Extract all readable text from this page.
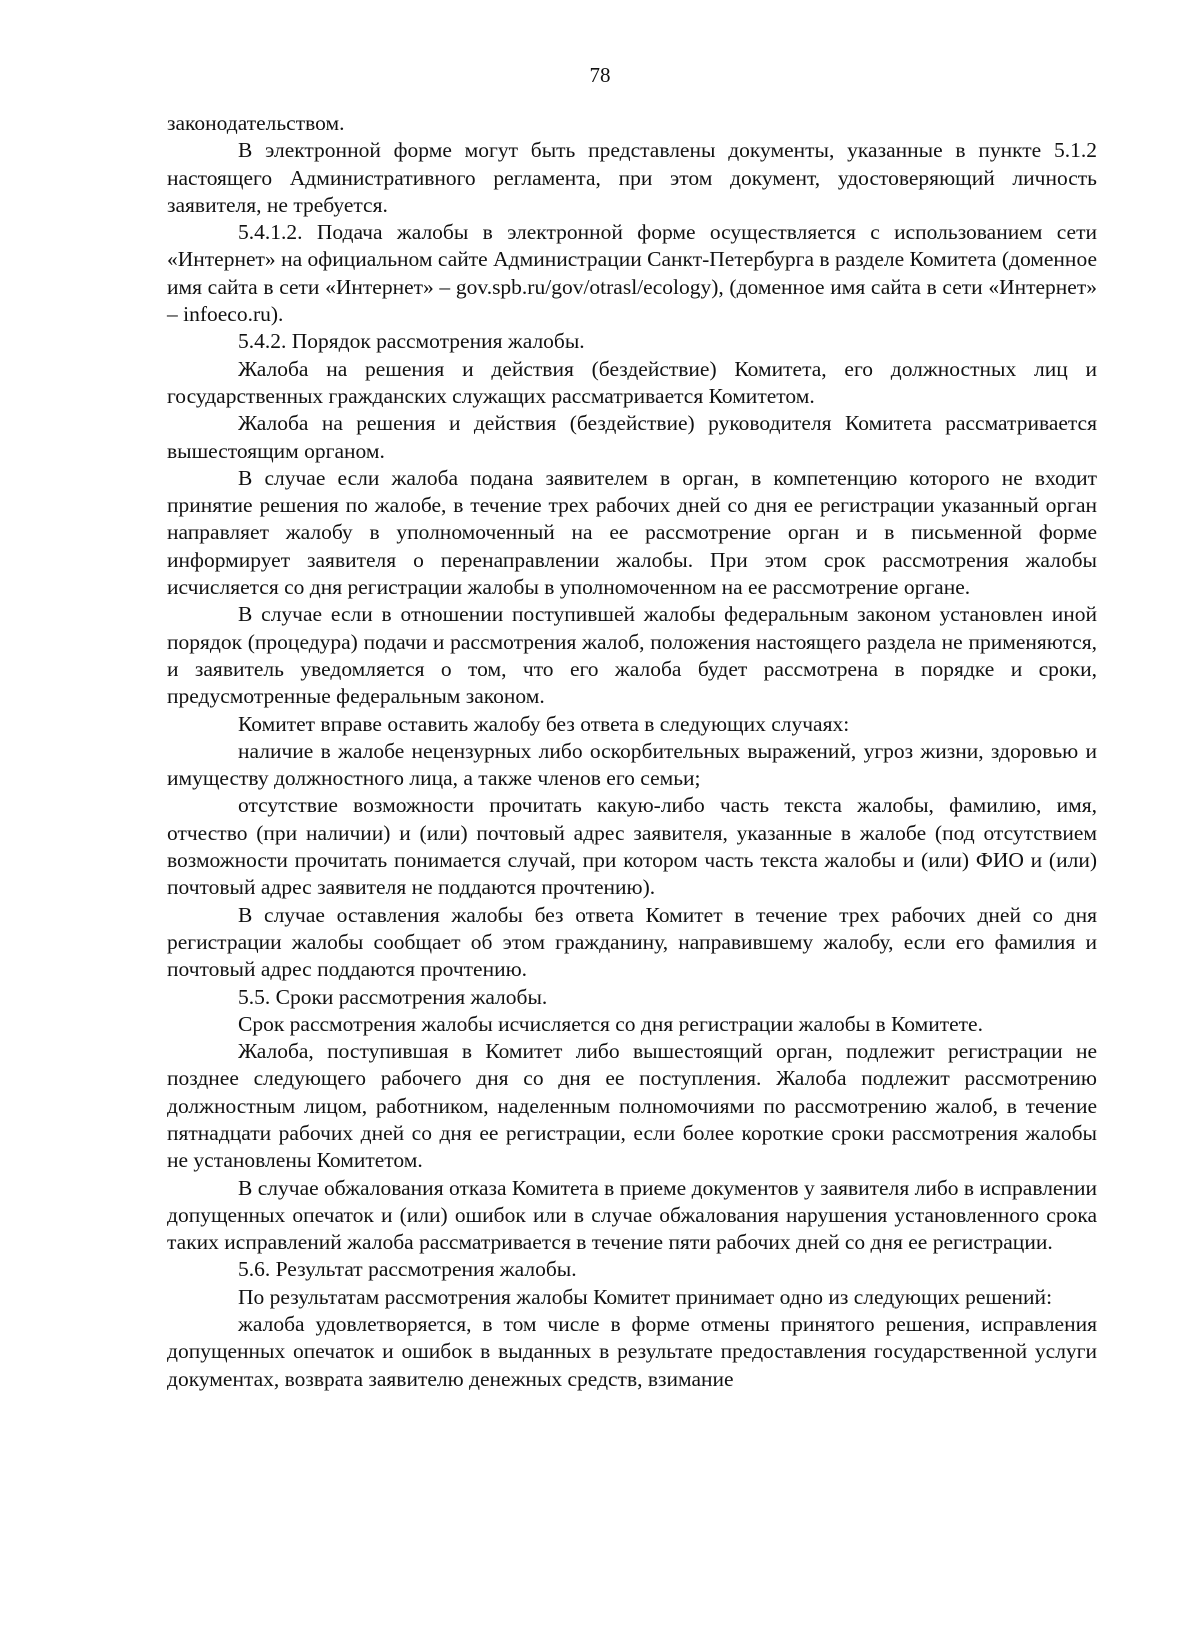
78

законодательством.

В электронной форме могут быть представлены документы, указанные в пункте 5.1.2 настоящего Административного регламента, при этом документ, удостоверяющий личность заявителя, не требуется.

5.4.1.2. Подача жалобы в электронной форме осуществляется с использованием сети «Интернет» на официальном сайте Администрации Санкт-Петербурга в разделе Комитета (доменное имя сайта в сети «Интернет» – gov.spb.ru/gov/otrasl/ecology), (доменное имя сайта в сети «Интернет» – infoeco.ru).

5.4.2. Порядок рассмотрения жалобы.

Жалоба на решения и действия (бездействие) Комитета, его должностных лиц и государственных гражданских служащих рассматривается Комитетом.

Жалоба на решения и действия (бездействие) руководителя Комитета рассматривается вышестоящим органом.

В случае если жалоба подана заявителем в орган, в компетенцию которого не входит принятие решения по жалобе, в течение трех рабочих дней со дня ее регистрации указанный орган направляет жалобу в уполномоченный на ее рассмотрение орган и в письменной форме информирует заявителя о перенаправлении жалобы. При этом срок рассмотрения жалобы исчисляется со дня регистрации жалобы в уполномоченном на ее рассмотрение органе.

В случае если в отношении поступившей жалобы федеральным законом установлен иной порядок (процедура) подачи и рассмотрения жалоб, положения настоящего раздела не применяются, и заявитель уведомляется о том, что его жалоба будет рассмотрена в порядке и сроки, предусмотренные федеральным законом.

Комитет вправе оставить жалобу без ответа в следующих случаях:

наличие в жалобе нецензурных либо оскорбительных выражений, угроз жизни, здоровью и имуществу должностного лица, а также членов его семьи;

отсутствие возможности прочитать какую-либо часть текста жалобы, фамилию, имя, отчество (при наличии) и (или) почтовый адрес заявителя, указанные в жалобе (под отсутствием возможности прочитать понимается случай, при котором часть текста жалобы и (или) ФИО и (или) почтовый адрес заявителя не поддаются прочтению).

В случае оставления жалобы без ответа Комитет в течение трех рабочих дней со дня регистрации жалобы сообщает об этом гражданину, направившему жалобу, если его фамилия и почтовый адрес поддаются прочтению.

5.5. Сроки рассмотрения жалобы.

Срок рассмотрения жалобы исчисляется со дня регистрации жалобы в Комитете.

Жалоба, поступившая в Комитет либо вышестоящий орган, подлежит регистрации не позднее следующего рабочего дня со дня ее поступления. Жалоба подлежит рассмотрению должностным лицом, работником, наделенным полномочиями по рассмотрению жалоб, в течение пятнадцати рабочих дней со дня ее регистрации, если более короткие сроки рассмотрения жалобы не установлены Комитетом.

В случае обжалования отказа Комитета в приеме документов у заявителя либо в исправлении допущенных опечаток и (или) ошибок или в случае обжалования нарушения установленного срока таких исправлений жалоба рассматривается в течение пяти рабочих дней со дня ее регистрации.

5.6. Результат рассмотрения жалобы.

По результатам рассмотрения жалобы Комитет принимает одно из следующих решений:

жалоба удовлетворяется, в том числе в форме отмены принятого решения, исправления допущенных опечаток и ошибок в выданных в результате предоставления государственной услуги документах, возврата заявителю денежных средств, взимание
